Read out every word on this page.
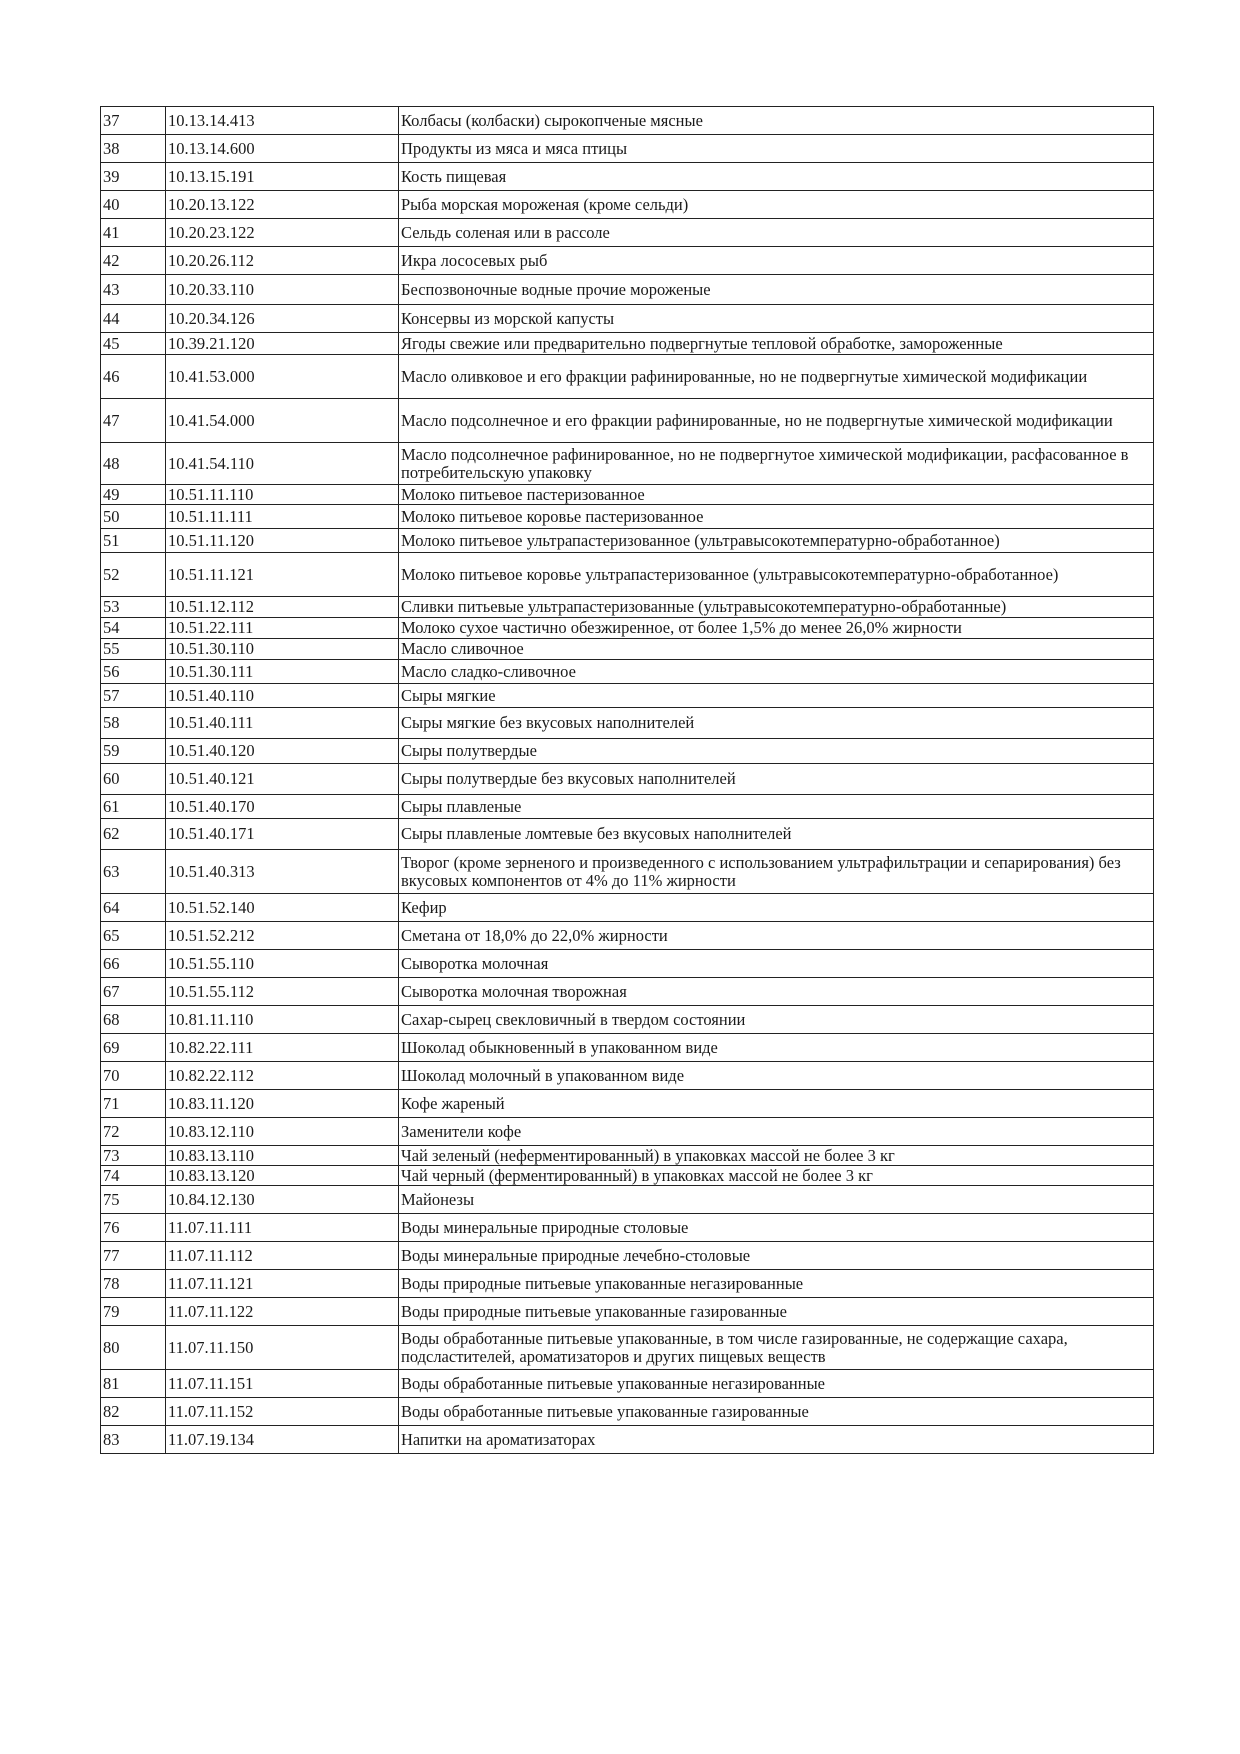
37	10.13.14.413	Колбасы (колбаски) сырокопченые мясные
38	10.13.14.600	Продукты из мяса и мяса птицы
39	10.13.15.191	Кость пищевая
40	10.20.13.122	Рыба морская мороженая (кроме сельди)
41	10.20.23.122	Сельдь соленая или в рассоле
42	10.20.26.112	Икра лососевых рыб
43	10.20.33.110	Беспозвоночные водные прочие мороженые
44	10.20.34.126	Консервы из морской капусты
45	10.39.21.120	Ягоды свежие или предварительно подвергнутые тепловой обработке, замороженные
46	10.41.53.000	Масло оливковое и его фракции рафинированные, но не подвергнутые химической модификации
47	10.41.54.000	Масло подсолнечное и его фракции рафинированные, но не подвергнутые химической модификации
48	10.41.54.110	Масло подсолнечное рафинированное, но не подвергнутое химической модификации, расфасованное в потребительскую упаковку
49	10.51.11.110	Молоко питьевое пастеризованное
50	10.51.11.111	Молоко питьевое коровье пастеризованное
51	10.51.11.120	Молоко питьевое ультрапастеризованное (ультравысокотемпературно-обработанное)
52	10.51.11.121	Молоко питьевое коровье ультрапастеризованное (ультравысокотемпературно-обработанное)
53	10.51.12.112	Сливки питьевые ультрапастеризованные (ультравысокотемпературно-обработанные)
54	10.51.22.111	Молоко сухое частично обезжиренное, от более 1,5% до менее 26,0% жирности
55	10.51.30.110	Масло сливочное
56	10.51.30.111	Масло сладко-сливочное
57	10.51.40.110	Сыры мягкие
58	10.51.40.111	Сыры мягкие без вкусовых наполнителей
59	10.51.40.120	Сыры полутвердые
60	10.51.40.121	Сыры полутвердые без вкусовых наполнителей
61	10.51.40.170	Сыры плавленые
62	10.51.40.171	Сыры плавленые ломтевые без вкусовых наполнителей
63	10.51.40.313	Творог (кроме зерненого и произведенного с использованием ультрафильтрации и сепарирования) без вкусовых компонентов от 4% до 11% жирности
64	10.51.52.140	Кефир
65	10.51.52.212	Сметана от 18,0% до 22,0% жирности
66	10.51.55.110	Сыворотка молочная
67	10.51.55.112	Сыворотка молочная творожная
68	10.81.11.110	Сахар-сырец свекловичный в твердом состоянии
69	10.82.22.111	Шоколад обыкновенный в упакованном виде
70	10.82.22.112	Шоколад молочный в упакованном виде
71	10.83.11.120	Кофе жареный
72	10.83.12.110	Заменители кофе
73	10.83.13.110	Чай зеленый (неферментированный) в упаковках массой не более 3 кг
74	10.83.13.120	Чай черный (ферментированный) в упаковках массой не более 3 кг
75	10.84.12.130	Майонезы
76	11.07.11.111	Воды минеральные природные столовые
77	11.07.11.112	Воды минеральные природные лечебно-столовые
78	11.07.11.121	Воды природные питьевые упакованные негазированные
79	11.07.11.122	Воды природные питьевые упакованные газированные
80	11.07.11.150	Воды обработанные питьевые упакованные, в том числе газированные, не содержащие сахара, подсластителей, ароматизаторов и других пищевых веществ
81	11.07.11.151	Воды обработанные питьевые упакованные негазированные
82	11.07.11.152	Воды обработанные питьевые упакованные газированные
83	11.07.19.134	Напитки на ароматизаторах
